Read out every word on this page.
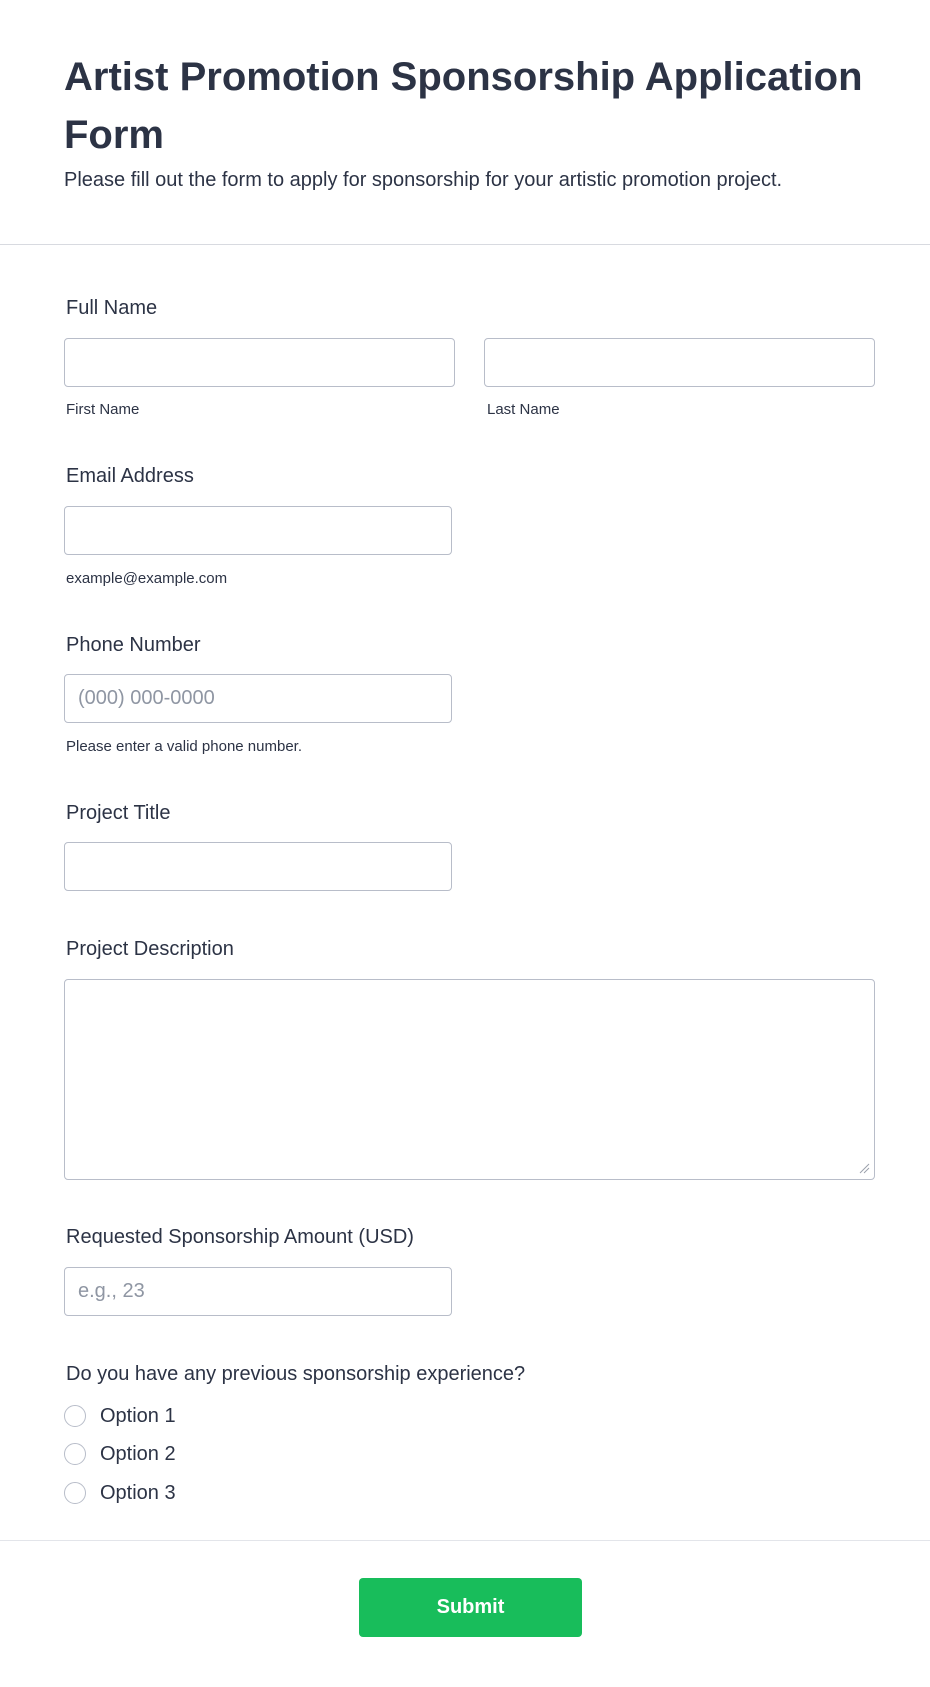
Artist Promotion Sponsorship Application Form

Please fill out the form to apply for sponsorship for your artistic promotion project.

Full Name
First Name	Last Name
Email Address
example@example.com
Phone Number
(000) 000-0000
Please enter a valid phone number.
Project Title
Project Description
Requested Sponsorship Amount (USD)
e.g., 23
Do you have any previous sponsorship experience?
Option 1
Option 2
Option 3
Submit
